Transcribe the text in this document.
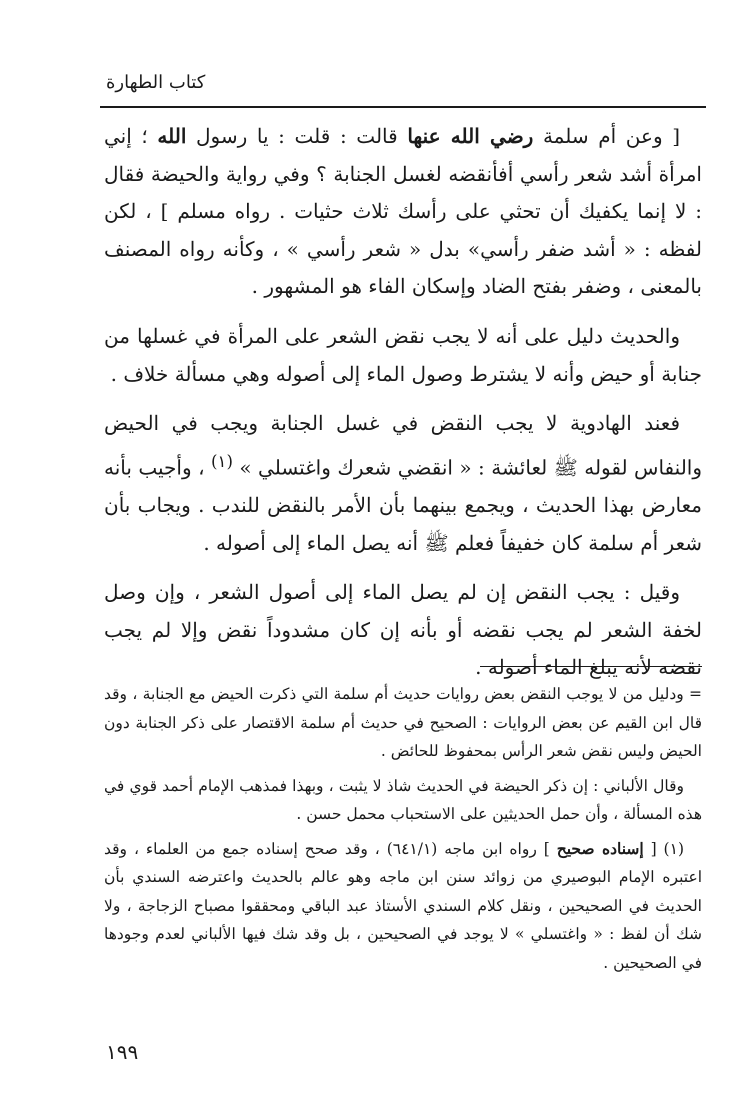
كتاب الطهارة

[ وعن أم سلمة رضي الله عنها قالت : قلت : يا رسول الله ؛ إني امرأة أشد شعر رأسي أفأنقضه لغسل الجنابة ؟ وفي رواية والحيضة فقال : لا إنما يكفيك أن تحثي على رأسك ثلاث حثيات . رواه مسلم ] ، لكن لفظه : « أشد ضفر رأسي» بدل « شعر رأسي » ، وكأنه رواه المصنف بالمعنى ، وضفر بفتح الضاد وإسكان الفاء هو المشهور .

والحديث دليل على أنه لا يجب نقض الشعر على المرأة في غسلها من جنابة أو حيض وأنه لا يشترط وصول الماء إلى أصوله وهي مسألة خلاف .

فعند الهادوية لا يجب النقض في غسل الجنابة ويجب في الحيض والنفاس لقوله ﷺ لعائشة : « انقضي شعرك واغتسلي » $^{(١)}$ ، وأجيب بأنه معارض بهذا الحديث ، ويجمع بينهما بأن الأمر بالنقض للندب . ويجاب بأن شعر أم سلمة كان خفيفاً فعلم ﷺ أنه يصل الماء إلى أصوله .

وقيل : يجب النقض إن لم يصل الماء إلى أصول الشعر ، وإن وصل لخفة الشعر لم يجب نقضه أو بأنه إن كان مشدوداً نقض وإلا لم يجب نقضه لأنه يبلغ الماء أصوله .

= ودليل من لا يوجب النقض بعض روايات حديث أم سلمة التي ذكرت الحيض مع الجنابة ، وقد قال ابن القيم عن بعض الروايات : الصحيح في حديث أم سلمة الاقتصار على ذكر الجنابة دون الحيض وليس نقض شعر الرأس بمحفوظ للحائض .

وقال الألباني : إن ذكر الحيضة في الحديث شاذ لا يثبت ، وبهذا فمذهب الإمام أحمد قوي في هذه المسألة ، وأن حمل الحديثين على الاستحباب محمل حسن .

(١) [ إسناده صحيح ] رواه ابن ماجه (٦٤١/١) ، وقد صحح إسناده جمع من العلماء ، وقد اعتبره الإمام البوصيري من زوائد سنن ابن ماجه وهو عالم بالحديث واعترضه السندي بأن الحديث في الصحيحين ، ونقل كلام السندي الأستاذ عبد الباقي ومحققوا مصباح الزجاجة ، ولا شك أن لفظ : « واغتسلي » لا يوجد في الصحيحين ، بل وقد شك فيها الألباني لعدم وجودها في الصحيحين .

١٩٩
